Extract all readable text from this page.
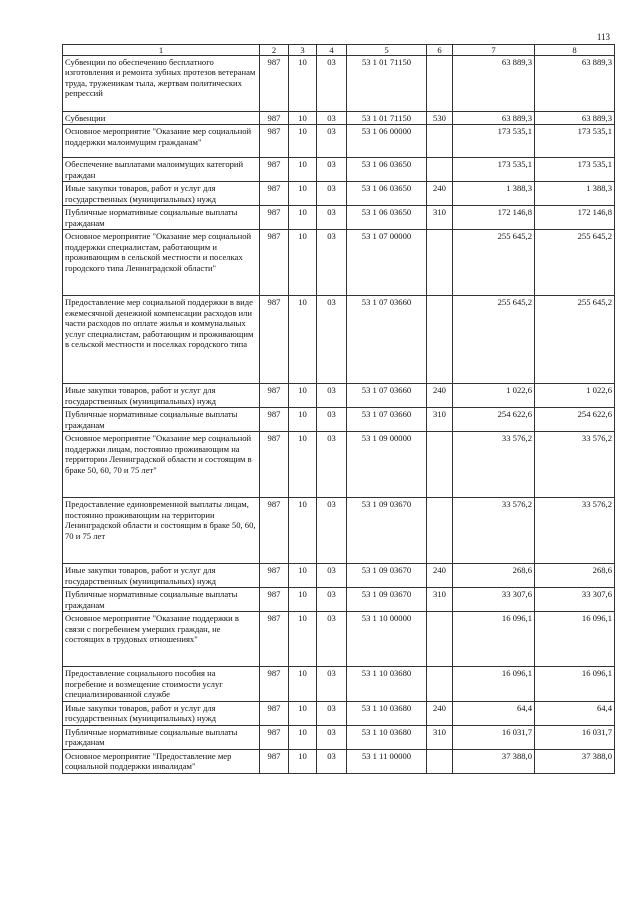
113
1	2	3	4	5	6	7	8
Субвенции по обеспечению бесплатного изготовления и ремонта зубных протезов ветеранам труда, труженикам тыла, жертвам политических репрессий	987	10	03	53 1 01 71150		63 889,3	63 889,3
Субвенции	987	10	03	53 1 01 71150	530	63 889,3	63 889,3
Основное мероприятие "Оказание мер социальной поддержки малоимущим гражданам"	987	10	03	53 1 06 00000		173 535,1	173 535,1
Обеспечение выплатами малоимущих категорий граждан	987	10	03	53 1 06 03650		173 535,1	173 535,1
Иные закупки товаров, работ и услуг для государственных (муниципальных) нужд	987	10	03	53 1 06 03650	240	1 388,3	1 388,3
Публичные нормативные социальные выплаты гражданам	987	10	03	53 1 06 03650	310	172 146,8	172 146,8
Основное мероприятие "Оказание мер социальной поддержки специалистам, работающим и проживающим в сельской местности и поселках городского типа Ленинградской области"	987	10	03	53 1 07 00000		255 645,2	255 645,2
Предоставление мер социальной поддержки в виде ежемесячной денежной компенсации расходов или части расходов по оплате жилья и коммунальных услуг специалистам, работающим и проживающим в сельской местности и поселках городского типа	987	10	03	53 1 07 03660		255 645,2	255 645,2
Иные закупки товаров, работ и услуг для государственных (муниципальных) нужд	987	10	03	53 1 07 03660	240	1 022,6	1 022,6
Публичные нормативные социальные выплаты гражданам	987	10	03	53 1 07 03660	310	254 622,6	254 622,6
Основное мероприятие "Оказание мер социальной поддержки лицам, постоянно проживающим на территории Ленинградской области и состоящим в браке 50, 60, 70 и 75 лет"	987	10	03	53 1 09 00000		33 576,2	33 576,2
Предоставление единовременной выплаты лицам, постоянно проживающим на территории Ленинградской области и состоящим в браке 50, 60, 70 и 75 лет	987	10	03	53 1 09 03670		33 576,2	33 576,2
Иные закупки товаров, работ и услуг для государственных (муниципальных) нужд	987	10	03	53 1 09 03670	240	268,6	268,6
Публичные нормативные социальные выплаты гражданам	987	10	03	53 1 09 03670	310	33 307,6	33 307,6
Основное мероприятие "Оказание поддержки в связи с погребением умерших граждан, не состоящих в трудовых отношениях"	987	10	03	53 1 10 00000		16 096,1	16 096,1
Предоставление социального пособия на погребение и возмещение стоимости услуг специализированной службе	987	10	03	53 1 10 03680		16 096,1	16 096,1
Иные закупки товаров, работ и услуг для государственных (муниципальных) нужд	987	10	03	53 1 10 03680	240	64,4	64,4
Публичные нормативные социальные выплаты гражданам	987	10	03	53 1 10 03680	310	16 031,7	16 031,7
Основное мероприятие "Предоставление мер социальной поддержки инвалидам"	987	10	03	53 1 11 00000		37 388,0	37 388,0
